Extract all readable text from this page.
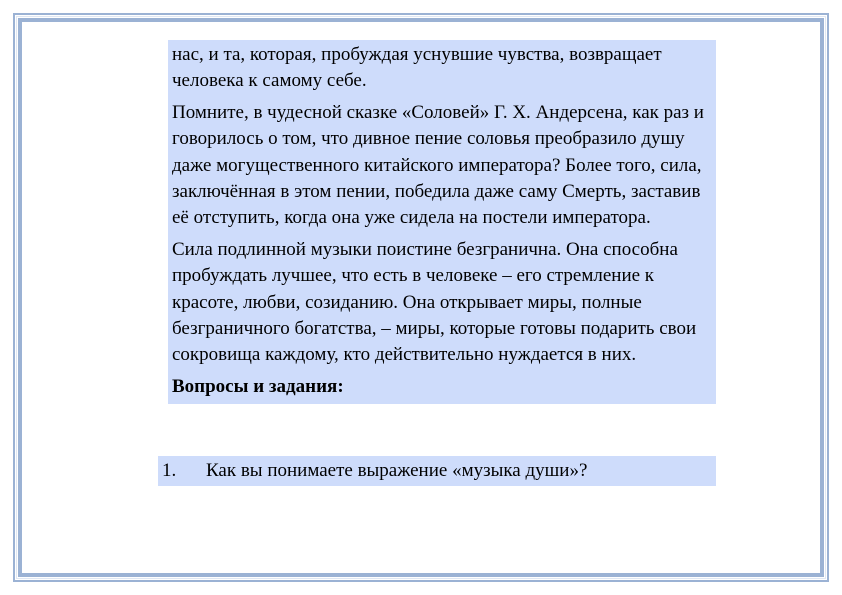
нас, и та, которая, пробуждая уснувшие чувства, возвращает человека к самому себе.

Помните, в чудесной сказке «Соловей» Г. Х. Андерсена, как раз и говорилось о том, что дивное пение соловья преобразило душу даже могущественного китайского императора? Более того, сила, заключённая в этом пении, победила даже саму Смерть, заставив её отступить, когда она уже сидела на постели императора.

Сила подлинной музыки поистине безгранична. Она способна пробуждать лучшее, что есть в человеке – его стремление к красоте, любви, созиданию. Она открывает миры, полные безграничного богатства, – миры, которые готовы подарить свои сокровища каждому, кто действительно нуждается в них.

Вопросы и задания:

1. Как вы понимаете выражение «музыка души»?
